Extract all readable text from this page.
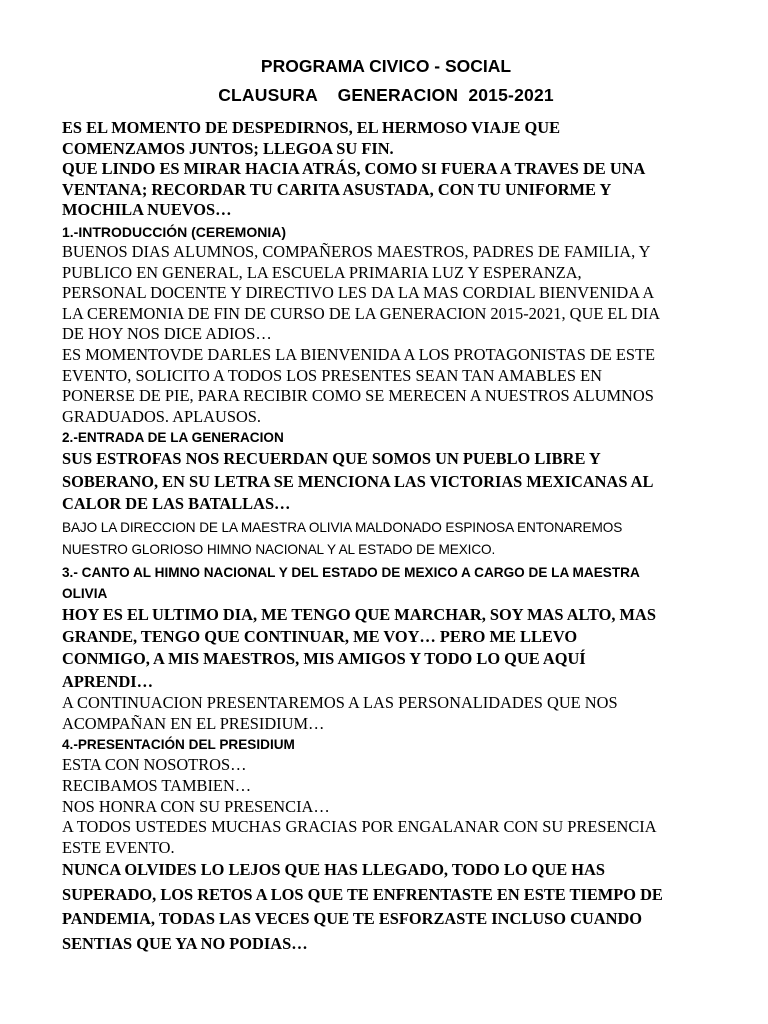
PROGRAMA CIVICO - SOCIAL
CLAUSURA    GENERACION  2015-2021

ES EL MOMENTO DE DESPEDIRNOS, EL HERMOSO VIAJE QUE

COMENZAMOS JUNTOS; LLEGOA SU FIN.

QUE LINDO ES MIRAR HACIA ATRÁS, COMO SI FUERA A TRAVES DE UNA

VENTANA; RECORDAR TU CARITA ASUSTADA, CON TU UNIFORME Y

MOCHILA NUEVOS…

1.-INTRODUCCIÓN (CEREMONIA)

BUENOS DIAS ALUMNOS, COMPAÑEROS MAESTROS, PADRES DE FAMILIA, Y

PUBLICO EN GENERAL, LA ESCUELA PRIMARIA LUZ Y ESPERANZA,

PERSONAL DOCENTE Y DIRECTIVO LES DA LA MAS CORDIAL BIENVENIDA A

LA CEREMONIA DE FIN DE CURSO DE LA GENERACION 2015-2021, QUE EL DIA

DE HOY NOS DICE ADIOS…

ES MOMENTOVDE DARLES LA BIENVENIDA A LOS PROTAGONISTAS DE ESTE

EVENTO, SOLICITO A TODOS LOS PRESENTES SEAN TAN AMABLES EN

PONERSE DE PIE, PARA RECIBIR COMO SE MERECEN A NUESTROS ALUMNOS

GRADUADOS. APLAUSOS.

2.-ENTRADA DE LA GENERACION

SUS ESTROFAS NOS RECUERDAN QUE SOMOS UN PUEBLO LIBRE Y

SOBERANO, EN SU LETRA SE MENCIONA LAS VICTORIAS MEXICANAS AL

CALOR DE LAS BATALLAS…

BAJO LA DIRECCION DE LA MAESTRA OLIVIA MALDONADO ESPINOSA ENTONAREMOS
NUESTRO GLORIOSO HIMNO NACIONAL Y AL ESTADO DE MEXICO.
3.- CANTO AL HIMNO NACIONAL Y DEL ESTADO DE MEXICO A CARGO DE LA MAESTRA
OLIVIA

HOY ES EL ULTIMO DIA, ME TENGO QUE MARCHAR, SOY MAS ALTO, MAS

GRANDE, TENGO QUE CONTINUAR, ME VOY… PERO ME LLEVO

CONMIGO, A MIS MAESTROS, MIS AMIGOS Y TODO LO QUE AQUÍ

APRENDI…

A CONTINUACION PRESENTAREMOS A LAS PERSONALIDADES QUE NOS

ACOMPAÑAN EN EL PRESIDIUM…

4.-PRESENTACIÓN DEL PRESIDIUM

ESTA CON NOSOTROS…

RECIBAMOS TAMBIEN…

NOS HONRA CON SU PRESENCIA…

A TODOS USTEDES MUCHAS GRACIAS POR ENGALANAR CON SU PRESENCIA

ESTE EVENTO.

NUNCA OLVIDES LO LEJOS QUE HAS LLEGADO, TODO LO QUE HAS

SUPERADO, LOS RETOS A LOS QUE TE ENFRENTASTE EN ESTE TIEMPO DE

PANDEMIA, TODAS LAS VECES QUE TE ESFORZASTE INCLUSO CUANDO

SENTIAS QUE YA NO PODIAS…
